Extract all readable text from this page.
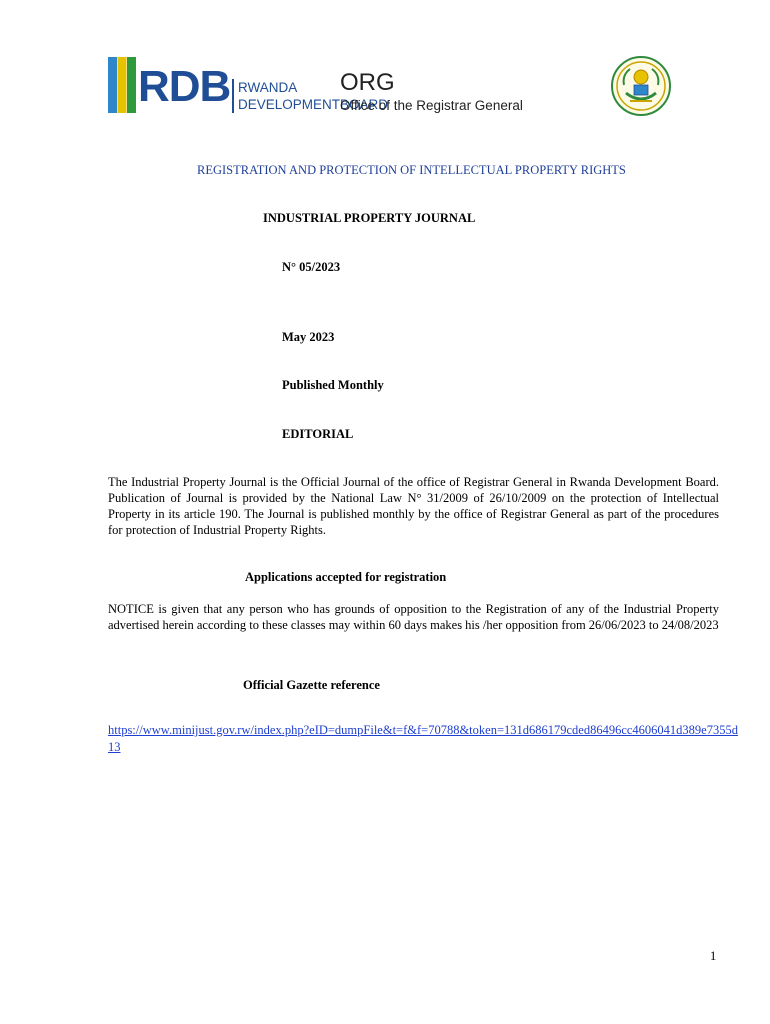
RDB RWANDA
DEVELOPMENTBOARD
ORG
Office of the Registrar General
REGISTRATION AND PROTECTION OF INTELLECTUAL PROPERTY RIGHTS
INDUSTRIAL PROPERTY JOURNAL
N° 05/2023
May 2023
Published Monthly
EDITORIAL
The Industrial Property Journal is the Official Journal of the office of Registrar General in Rwanda Development Board. Publication of Journal is provided by the National Law N° 31/2009 of 26/10/2009 on the protection of Intellectual Property in its article 190. The Journal is published monthly by the office of Registrar General as part of the procedures for protection of Industrial Property Rights.
Applications accepted for registration
NOTICE is given that any person who has grounds of opposition to the Registration of any of the Industrial Property advertised herein according to these classes may within 60 days makes his /her opposition from 26/06/2023 to 24/08/2023
Official Gazette reference
https://www.minijust.gov.rw/index.php?eID=dumpFile&t=f&f=70788&token=131d686179cded86496cc4606041d389e7355d13
1
